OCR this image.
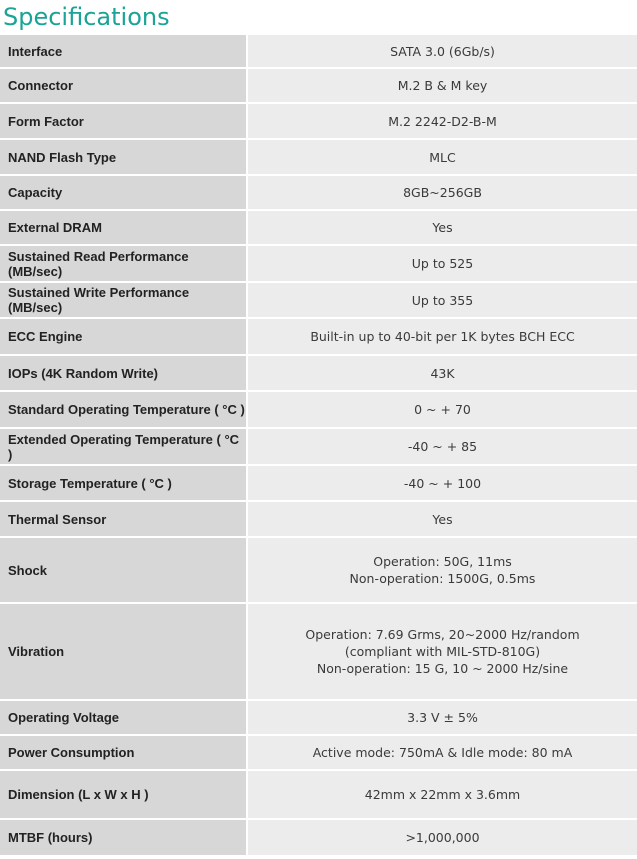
Specifications
Interface	SATA 3.0 (6Gb/s)

Connector	M.2 B & M key

Form Factor	M.2 2242-D2-B-M

NAND Flash Type	MLC

Capacity	8GB~256GB

External DRAM	Yes

Sustained Read Performance (MB/sec)	Up to 525

Sustained Write Performance (MB/sec)	Up to 355

ECC Engine	Built-in up to 40-bit per 1K bytes BCH ECC

IOPs (4K Random Write)	43K

Standard Operating Temperature ( °C )	0 ~ + 70

Extended Operating Temperature ( °C )	-40 ~ + 85

Storage Temperature ( °C )	-40 ~ + 100

Thermal Sensor	Yes

Shock	Operation: 50G, 11ms
Non-operation: 1500G, 0.5ms

Vibration	Operation: 7.69 Grms, 20~2000 Hz/random
(compliant with MIL-STD-810G)
Non-operation: 15 G, 10 ~ 2000 Hz/sine

Operating Voltage	3.3 V ± 5%

Power Consumption	Active mode: 750mA & Idle mode: 80 mA

Dimension (L x W x H )	42mm x 22mm x 3.6mm

MTBF (hours)	>1,000,000
